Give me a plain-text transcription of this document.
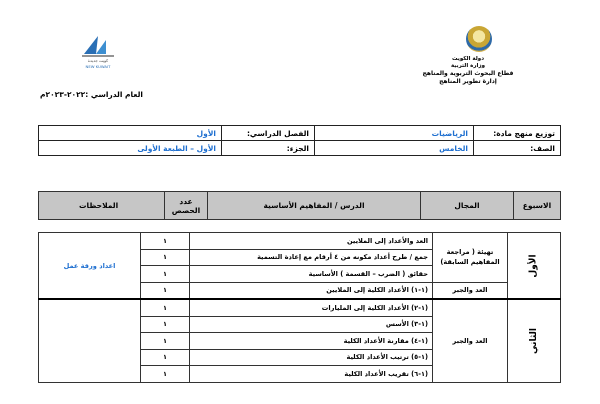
دولة الكويت
وزارة التربية
قطاع البحوث التربوية والمناهج
إدارة تطوير المناهج
كويت جديدة
NEW KUWAIT
العام الدراسي :٢٠٢٢-٢٠٢٣م
توزيع منهج مادة:	الرياضيات	الفصل الدراسي:	الأول
الصف:	الخامس	الجزء:	الأول – الطبعة الأولى
الاسبوع	المجال	الدرس / المفاهيم الأساسية	عدد الحصص	الملاحظات
الأول	تهيئة ( مراجعة المفاهيم السابقة)	العد والأعداد إلى الملايين	١	اعداد ورقة عمل
		جمع / طرح أعداد مكونه من ٤ أرقام مع إعادة التسمية	١	
		حقائق ( الضرب – القسمة ) الأساسية	١	
	العد والجبر	(١-١) الأعداد الكلية إلى الملايين	١	
الثاني	العد والجبر	(١-٢) الأعداد الكلية إلى المليارات	١	
		(١-٣) الأسس	١	
		(١-٤) مقارنة الأعداد الكلية	١	
		(١-٥) ترتيب الأعداد الكلية	١	
		(١-٦) تقريب الأعداد الكلية	١	
